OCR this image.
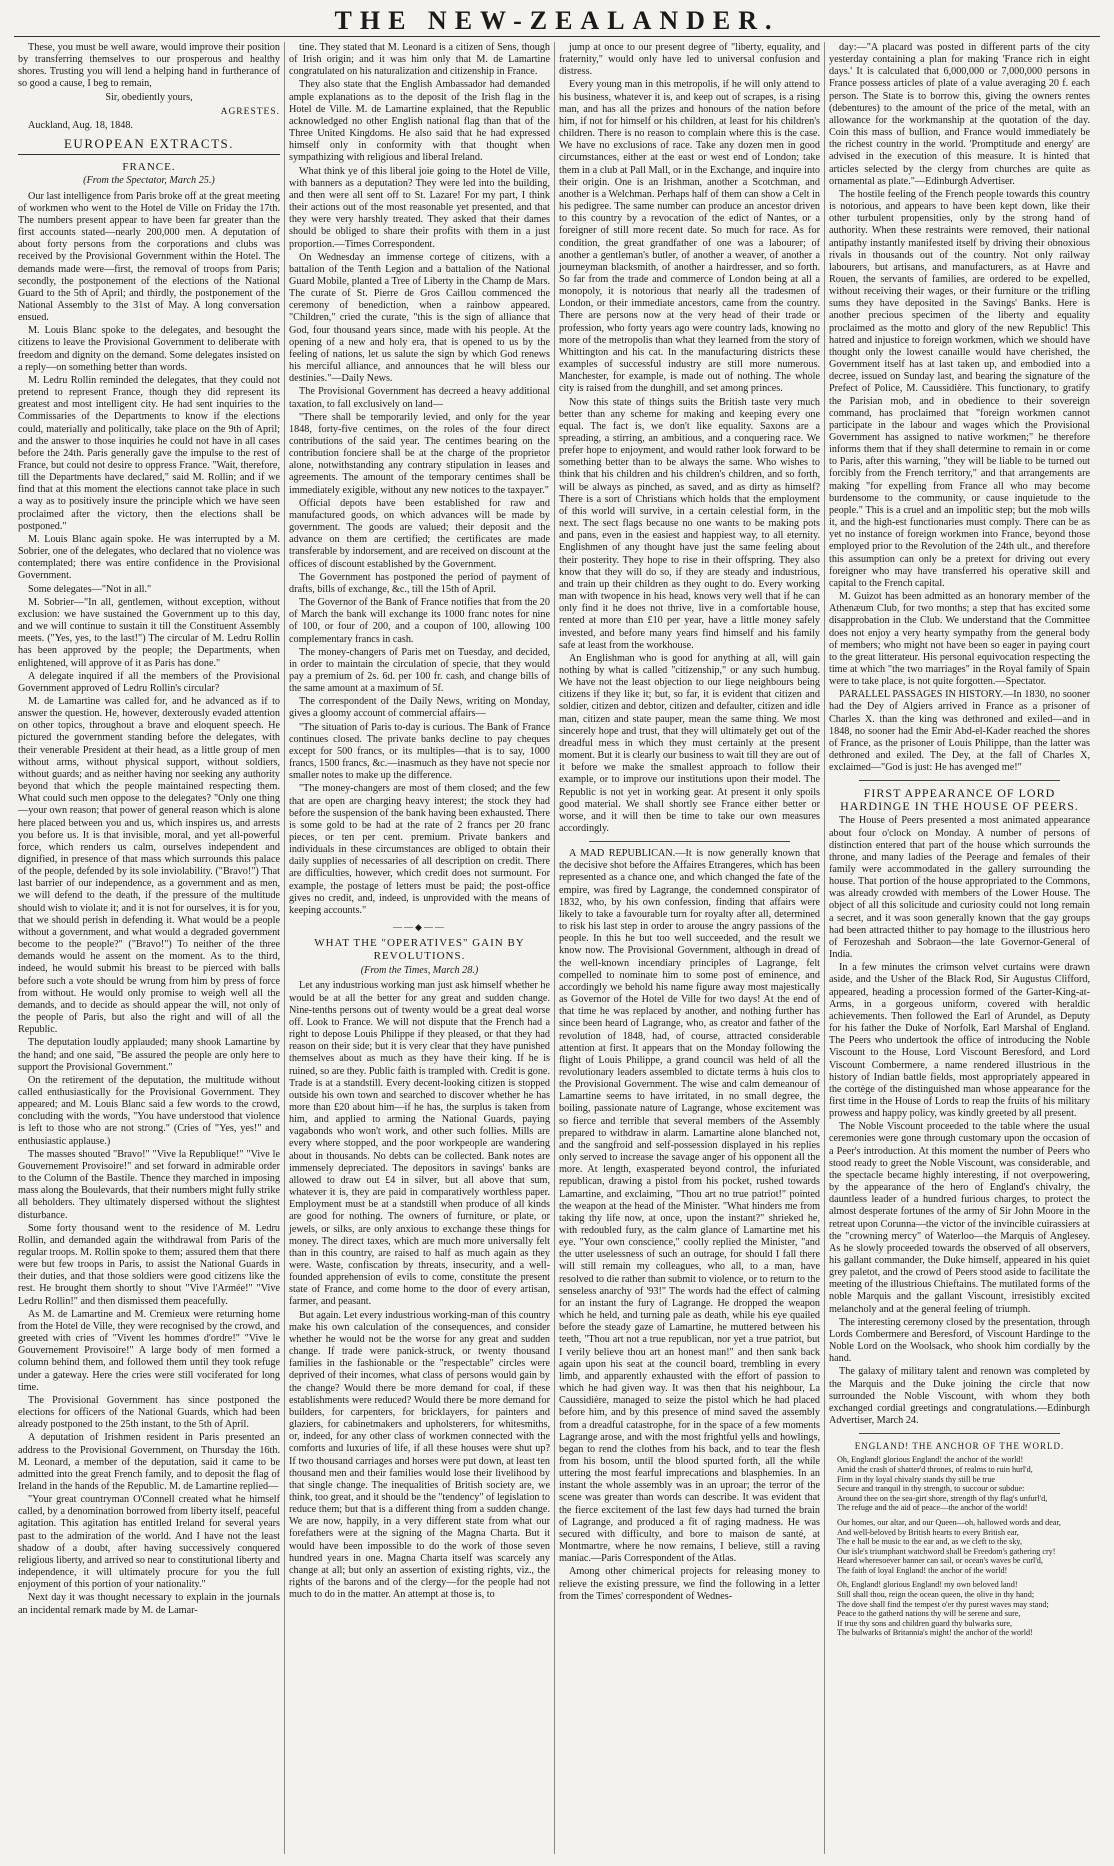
THE NEW-ZEALANDER.

These, you must be well aware, would improve their position by transferring themselves to our prosperous and healthy shores. Trusting you will lend a helping hand in furtherance of so good a cause, I beg to remain,

Sir, obediently yours,

AGRESTES.

Auckland, Aug. 18, 1848.

EUROPEAN EXTRACTS.
FRANCE.
(From the Spectator, March 25.)

Our last intelligence from Paris broke off at the great meeting of workmen who went to the Hotel de Ville on Friday the 17th. The numbers present appear to have been far greater than the first accounts stated—nearly 200,000 men. A deputation of about forty persons from the corporations and clubs was received by the Provisional Government within the Hotel. The demands made were—first, the removal of troops from Paris; secondly, the postponement of the elections of the National Guard to the 5th of April; and thirdly, the postponement of the National Assembly to the 31st of May. A long conversation ensued.

M. Louis Blanc spoke to the delegates, and besought the citizens to leave the Provisional Government to deliberate with freedom and dignity on the demand. Some delegates insisted on a reply—on something better than words.

M. Ledru Rollin reminded the delegates, that they could not pretend to represent France, though they did represent its greatest and most intelligent city. He had sent inquiries to the Commissaries of the Departments to know if the elections could, materially and politically, take place on the 9th of April; and the answer to those inquiries he could not have in all cases before the 24th. Paris generally gave the impulse to the rest of France, but could not desire to oppress France. "Wait, therefore, till the Departments have declared," said M. Rollin; and if we find that at this moment the elections cannot take place in such a way as to positively insure the principle which we have seen proclaimed after the victory, then the elections shall be postponed."

M. Louis Blanc again spoke. He was interrupted by a M. Sobrier, one of the delegates, who declared that no violence was contemplated; there was entire confidence in the Provisional Government.

Some delegates—"Not in all."

M. Sobrier—"In all, gentlemen, without exception, without exclusion: we have sustained the Government up to this day, and we will continue to sustain it till the Constituent Assembly meets. ("Yes, yes, to the last!") The circular of M. Ledru Rollin has been approved by the people; the Departments, when enlightened, will approve of it as Paris has done."

A delegate inquired if all the members of the Provisional Government approved of Ledru Rollin's circular?

M. de Lamartine was called for, and he advanced as if to answer the question. He, however, dexterously evaded attention on other topics, throughout a brave and eloquent speech. He pictured the government standing before the delegates, with their venerable President at their head, as a little group of men without arms, without physical support, without soldiers, without guards; and as neither having nor seeking any authority beyond that which the people maintained respecting them. What could such men oppose to the delegates? "Only one thing—your own reason; that power of general reason which is alone here placed between you and us, which inspires us, and arrests you before us. It is that invisible, moral, and yet all-powerful force, which renders us calm, ourselves independent and dignified, in presence of that mass which surrounds this palace of the people, defended by its sole inviolability. ("Bravo!") That last barrier of our independence, as a government and as men, we will defend to the death, if the pressure of the multitude should wish to violate it; and it is not for ourselves, it is for you, that we should perish in defending it. What would be a people without a government, and what would a degraded government become to the people?" ("Bravo!") To neither of the three demands would he assent on the moment. As to the third, indeed, he would submit his breast to be pierced with balls before such a vote should be wrung from him by press of force from without. He would only promise to weigh well all the demands, and to decide as should appear the will, not only of the people of Paris, but also the right and will of all the Republic.

The deputation loudly applauded; many shook Lamartine by the hand; and one said, "Be assured the people are only here to support the Provisional Government."

On the retirement of the deputation, the multitude without called enthusiastically for the Provisional Government. They appeared; and M. Louis Blanc said a few words to the crowd, concluding with the words, "You have understood that violence is left to those who are not strong." (Cries of "Yes, yes!" and enthusiastic applause.)

The masses shouted "Bravo!" "Vive la Republique!" "Vive le Gouvernement Provisoire!" and set forward in admirable order to the Column of the Bastile. Thence they marched in imposing mass along the Boulevards, that their numbers might fully strike all beholders. They ultimately dispersed without the slightest disturbance.

Some forty thousand went to the residence of M. Ledru Rollin, and demanded again the withdrawal from Paris of the regular troops. M. Rollin spoke to them; assured them that there were but few troops in Paris, to assist the National Guards in their duties, and that those soldiers were good citizens like the rest. He brought them shortly to shout "Vive l'Armée!" "Vive Ledru Rollin!" and then dismissed them peacefully.

As M. de Lamartine and M. Cremieux were returning home from the Hotel de Ville, they were recognised by the crowd, and greeted with cries of "Vivent les hommes d'ordre!" "Vive le Gouvernement Provisoire!" A large body of men formed a column behind them, and followed them until they took refuge under a gateway. Here the cries were still vociferated for long time.

The Provisional Government has since postponed the elections for officers of the National Guards, which had been already postponed to the 25th instant, to the 5th of April.

A deputation of Irishmen resident in Paris presented an address to the Provisional Government, on Thursday the 16th. M. Leonard, a member of the deputation, said it came to be admitted into the great French family, and to deposit the flag of Ireland in the hands of the Republic. M. de Lamartine replied—

"Your great countryman O'Connell created what he himself called, by a denomination borrowed from liberty itself, peaceful agitation. This agitation has entitled Ireland for several years past to the admiration of the world. And I have not the least shadow of a doubt, after having successively conquered religious liberty, and arrived so near to constitutional liberty and independence, it will ultimately procure for you the full enjoyment of this portion of your nationality."

Next day it was thought necessary to explain in the journals an incidental remark made by M. de Lamar-

tine. They stated that M. Leonard is a citizen of Sens, though of Irish origin; and it was him only that M. de Lamartine congratulated on his naturalization and citizenship in France.

They also state that the English Ambassador had demanded ample explanations as to the deposit of the Irish flag in the Hotel de Ville. M. de Lamartine explained, that the Republic acknowledged no other English national flag than that of the Three United Kingdoms. He also said that he had expressed himself only in conformity with that thought when sympathizing with religious and liberal Ireland.

What think ye of this liberal joie going to the Hotel de Ville, with banners as a deputation? They were led into the building, and then were all sent off to St. Lazare! For my part, I think their actions out of the most reasonable yet presented, and that they were very harshly treated. They asked that their dames should be obliged to share their profits with them in a just proportion.—Times Correspondent.

On Wednesday an immense cortege of citizens, with a battalion of the Tenth Legion and a battalion of the National Guard Mobile, planted a Tree of Liberty in the Champ de Mars. The curate of St. Pierre de Gros Caillou commenced the ceremony of benediction, when a rainbow appeared. "Children," cried the curate, "this is the sign of alliance that God, four thousand years since, made with his people. At the opening of a new and holy era, that is opened to us by the feeling of nations, let us salute the sign by which God renews his merciful alliance, and announces that he will bless our destinies."—Daily News.

The Provisional Government has decreed a heavy additional taxation, to fall exclusively on land—

"There shall be temporarily levied, and only for the year 1848, forty-five centimes, on the roles of the four direct contributions of the said year. The centimes bearing on the contribution fonciere shall be at the charge of the proprietor alone, notwithstanding any contrary stipulation in leases and agreements. The amount of the temporary centimes shall be immediately exigible, without any new notices to the taxpayer."

Official depots have been established for raw and manufactured goods, on which advances will be made by government. The goods are valued; their deposit and the advance on them are certified; the certificates are made transferable by indorsement, and are received on discount at the offices of discount established by the Government.

The Government has postponed the period of payment of drafts, bills of exchange, &c., till the 15th of April.

The Governor of the Bank of France notifies that from the 20 of March the bank will exchange its 1000 franc notes for nine of 100, or four of 200, and a coupon of 100, allowing 100 complementary francs in cash.

The money-changers of Paris met on Tuesday, and decided, in order to maintain the circulation of specie, that they would pay a premium of 2s. 6d. per 100 fr. cash, and change bills of the same amount at a maximum of 5f.

The correspondent of the Daily News, writing on Monday, gives a gloomy account of commercial affairs—

"The situation of Paris to-day is curious. The Bank of France continues closed. The private banks decline to pay cheques except for 500 francs, or its multiples—that is to say, 1000 francs, 1500 francs, &c.—inasmuch as they have not specie nor smaller notes to make up the difference.

"The money-changers are most of them closed; and the few that are open are charging heavy interest; the stock they had before the suspension of the bank having been exhausted. There is some gold to be had at the rate of 2 francs per 20 franc pieces, or ten per cent. premium. Private bankers and individuals in these circumstances are obliged to obtain their daily supplies of necessaries of all description on credit. There are difficulties, however, which credit does not surmount. For example, the postage of letters must be paid; the post-office gives no credit, and, indeed, is unprovided with the means of keeping accounts."

——◆——
WHAT THE "OPERATIVES" GAIN BY REVOLUTIONS.
(From the Times, March 28.)

Let any industrious working man just ask himself whether he would be at all the better for any great and sudden change. Nine-tenths persons out of twenty would be a great deal worse off. Look to France. We will not dispute that the French had a right to depose Louis Philippe if they pleased, or that they had reason on their side; but it is very clear that they have punished themselves about as much as they have their king. If he is ruined, so are they. Public faith is trampled with. Credit is gone. Trade is at a standstill. Every decent-looking citizen is stopped outside his own town and searched to discover whether he has more than £20 about him—if he has, the surplus is taken from him, and applied to arming the National Guards, paying vagabonds who won't work, and other such follies. Mills are every where stopped, and the poor workpeople are wandering about in thousands. No debts can be collected. Bank notes are immensely depreciated. The depositors in savings' banks are allowed to draw out £4 in silver, but all above that sum, whatever it is, they are paid in comparatively worthless paper. Employment must be at a standstill when produce of all kinds are good for nothing. The owners of furniture, or plate, or jewels, or silks, are only anxious to exchange these things for money. The direct taxes, which are much more universally felt than in this country, are raised to half as much again as they were. Waste, confiscation by threats, insecurity, and a well-founded apprehension of evils to come, constitute the present state of France, and come home to the door of every artisan, farmer, and peasant.

But again. Let every industrious working-man of this country make his own calculation of the consequences, and consider whether he would not be the worse for any great and sudden change. If trade were panick-struck, or twenty thousand families in the fashionable or the "respectable" circles were deprived of their incomes, what class of persons would gain by the change? Would there be more demand for coal, if these establishments were reduced? Would there be more demand for builders, for carpenters, for bricklayers, for painters and glaziers, for cabinetmakers and upholsterers, for whitesmiths, or, indeed, for any other class of workmen connected with the comforts and luxuries of life, if all these houses were shut up? If two thousand carriages and horses were put down, at least ten thousand men and their families would lose their livelihood by that single change. The inequalities of British society are, we think, too great, and it should be the "tendency" of legislation to reduce them; but that is a different thing from a sudden change. We are now, happily, in a very different state from what our forefathers were at the signing of the Magna Charta. But it would have been impossible to do the work of those seven hundred years in one. Magna Charta itself was scarcely any change at all; but only an assertion of existing rights, viz., the rights of the barons and of the clergy—for the people had not much to do in the matter. An attempt at those is, to

jump at once to our present degree of "liberty, equality, and fraternity," would only have led to universal confusion and distress.

Every young man in this metropolis, if he will only attend to his business, whatever it is, and keep out of scrapes, is a rising man, and has all the prizes and honours of the nation before him, if not for himself or his children, at least for his children's children. There is no reason to complain where this is the case. We have no exclusions of race. Take any dozen men in good circumstances, either at the east or west end of London; take them in a club at Pall Mall, or in the Exchange, and inquire into their origin. One is an Irishman, another a Scotchman, and another is a Welchman. Perhaps half of them can show a Celt in his pedigree. The same number can produce an ancestor driven to this country by a revocation of the edict of Nantes, or a foreigner of still more recent date. So much for race. As for condition, the great grandfather of one was a labourer; of another a gentleman's butler, of another a weaver, of another a journeyman blacksmith, of another a hairdresser, and so forth. So far from the trade and commerce of London being at all a monopoly, it is notorious that nearly all the tradesmen of London, or their immediate ancestors, came from the country. There are persons now at the very head of their trade or profession, who forty years ago were country lads, knowing no more of the metropolis than what they learned from the story of Whittington and his cat. In the manufacturing districts these examples of successful industry are still more numerous. Manchester, for example, is made out of nothing. The whole city is raised from the dunghill, and set among princes.

Now this state of things suits the British taste very much better than any scheme for making and keeping every one equal. The fact is, we don't like equality. Saxons are a spreading, a stirring, an ambitious, and a conquering race. We prefer hope to enjoyment, and would rather look forward to be something better than to be always the same. Who wishes to think that his children and his children's children, and so forth, will be always as pinched, as saved, and as dirty as himself? There is a sort of Christians which holds that the employment of this world will survive, in a certain celestial form, in the next. The sect flags because no one wants to be making pots and pans, even in the easiest and happiest way, to all eternity. Englishmen of any thought have just the same feeling about their posterity. They hope to rise in their offspring. They also know that they will do so, if they are steady and industrious, and train up their children as they ought to do. Every working man with twopence in his head, knows very well that if he can only find it he does not thrive, live in a comfortable house, rented at more than £10 per year, have a little money safely invested, and before many years find himself and his family safe at least from the workhouse.

An Englishman who is good for anything at all, will gain nothing by what is called "citizenship," or any such humbug. We have not the least objection to our liege neighbours being citizens if they like it; but, so far, it is evident that citizen and soldier, citizen and debtor, citizen and defaulter, citizen and idle man, citizen and state pauper, mean the same thing. We most sincerely hope and trust, that they will ultimately get out of the dreadful mess in which they must certainly at the present moment. But it is clearly our business to wait till they are out of it before we make the smallest approach to follow their example, or to improve our institutions upon their model. The Republic is not yet in working gear. At present it only spoils good material. We shall shortly see France either better or worse, and it will then be time to take our own measures accordingly.

A MAD REPUBLICAN.—It is now generally known that the decisive shot before the Affaires Etrangeres, which has been represented as a chance one, and which changed the fate of the empire, was fired by Lagrange, the condemned conspirator of 1832, who, by his own confession, finding that affairs were likely to take a favourable turn for royalty after all, determined to risk his last step in order to arouse the angry passions of the people. In this he but too well succeeded, and the result we know now. The Provisional Government, although in dread of the well-known incendiary principles of Lagrange, felt compelled to nominate him to some post of eminence, and accordingly we behold his name figure away most majestically as Governor of the Hotel de Ville for two days! At the end of that time he was replaced by another, and nothing further has since been heard of Lagrange, who, as creator and father of the revolution of 1848, had, of course, attracted considerable attention at first. It appears that on the Monday following the flight of Louis Philippe, a grand council was held of all the revolutionary leaders assembled to dictate terms à huis clos to the Provisional Government. The wise and calm demeanour of Lamartine seems to have irritated, in no small degree, the boiling, passionate nature of Lagrange, whose excitement was so fierce and terrible that several members of the Assembly prepared to withdraw in alarm. Lamartine alone blanched not, and the sangfroid and self-possession displayed in his replies only served to increase the savage anger of his opponent all the more. At length, exasperated beyond control, the infuriated republican, drawing a pistol from his pocket, rushed towards Lamartine, and exclaiming, "Thou art no true patriot!" pointed the weapon at the head of the Minister. "What hinders me from taking thy life now, at once, upon the instant?" shrieked he, with redoubled fury, as the calm glance of Lamartine met his eye. "Your own conscience," coolly replied the Minister, "and the utter uselessness of such an outrage, for should I fall there will still remain my colleagues, who all, to a man, have resolved to die rather than submit to violence, or to return to the senseless anarchy of '93!" The words had the effect of calming for an instant the fury of Lagrange. He dropped the weapon which he held, and turning pale as death, while his eye quailed before the steady gaze of Lamartine, he muttered between his teeth, "Thou art not a true republican, nor yet a true patriot, but I verily believe thou art an honest man!" and then sank back again upon his seat at the council board, trembling in every limb, and apparently exhausted with the effort of passion to which he had given way. It was then that his neighbour, La Caussidière, managed to seize the pistol which he had placed before him, and by this presence of mind saved the assembly from a dreadful catastrophe, for in the space of a few moments Lagrange arose, and with the most frightful yells and howlings, began to rend the clothes from his back, and to tear the flesh from his bosom, until the blood spurted forth, all the while uttering the most fearful imprecations and blasphemies. In an instant the whole assembly was in an uproar; the terror of the scene was greater than words can describe. It was evident that the fierce excitement of the last few days had turned the brain of Lagrange, and produced a fit of raging madness. He was secured with difficulty, and bore to maison de santé, at Montmartre, where he now remains, I believe, still a raving maniac.—Paris Correspondent of the Atlas.

Among other chimerical projects for releasing money to relieve the existing pressure, we find the following in a letter from the Times' correspondent of Wednes-

day:—"A placard was posted in different parts of the city yesterday containing a plan for making 'France rich in eight days.' It is calculated that 6,000,000 or 7,000,000 persons in France possess articles of plate of a value averaging 20 f. each person. The State is to borrow this, giving the owners rentes (debentures) to the amount of the price of the metal, with an allowance for the workmanship at the quotation of the day. Coin this mass of bullion, and France would immediately be the richest country in the world. 'Promptitude and energy' are advised in the execution of this measure. It is hinted that articles selected by the clergy from churches are quite as ornamental as plate."—Edinburgh Advertiser.

The hostile feeling of the French people towards this country is notorious, and appears to have been kept down, like their other turbulent propensities, only by the strong hand of authority. When these restraints were removed, their national antipathy instantly manifested itself by driving their obnoxious rivals in thousands out of the country. Not only railway labourers, but artisans, and manufacturers, as at Havre and Rouen, the servants of families, are ordered to be expelled, without receiving their wages, or their furniture or the trifling sums they have deposited in the Savings' Banks. Here is another precious specimen of the liberty and equality proclaimed as the motto and glory of the new Republic! This hatred and injustice to foreign workmen, which we should have thought only the lowest canaille would have cherished, the Government itself has at last taken up, and embodied into a decree, issued on Sunday last, and bearing the signature of the Prefect of Police, M. Caussidière. This functionary, to gratify the Parisian mob, and in obedience to their sovereign command, has proclaimed that "foreign workmen cannot participate in the labour and wages which the Provisional Government has assigned to native workmen;" he therefore informs them that if they shall determine to remain in or come to Paris, after this warning, "they will be liable to be turned out forcibly from the French territory," and that arrangements are making "for expelling from France all who may become burdensome to the community, or cause inquietude to the people." This is a cruel and an impolitic step; but the mob wills it, and the high-est functionaries must comply. There can be as yet no instance of foreign workmen into France, beyond those employed prior to the Revolution of the 24th ult., and therefore this assumption can only be a pretext for driving out every foreigner who may have transferred his operative skill and capital to the French capital.

M. Guizot has been admitted as an honorary member of the Athenæum Club, for two months; a step that has excited some disapprobation in the Club. We understand that the Committee does not enjoy a very hearty sympathy from the general body of members; who might not have been so eager in paying court to the great litterateur. His personal equivocation respecting the time at which "the two marriages" in the Royal family of Spain were to take place, is not quite forgotten.—Spectator.

PARALLEL PASSAGES IN HISTORY.—In 1830, no sooner had the Dey of Algiers arrived in France as a prisoner of Charles X. than the king was dethroned and exiled—and in 1848, no sooner had the Emir Abd-el-Kader reached the shores of France, as the prisoner of Louis Philippe, than the latter was dethroned and exiled. The Dey, at the fall of Charles X, exclaimed—"God is just: He has avenged me!"

FIRST APPEARANCE OF LORD HARDINGE IN THE HOUSE OF PEERS.

The House of Peers presented a most animated appearance about four o'clock on Monday. A number of persons of distinction entered that part of the house which surrounds the throne, and many ladies of the Peerage and females of their family were accommodated in the gallery surrounding the house. That portion of the house appropriated to the Commons, was already crowded with members of the Lower House. The object of all this solicitude and curiosity could not long remain a secret, and it was soon generally known that the gay groups had been attracted thither to pay homage to the illustrious hero of Ferozeshah and Sobraon—the late Governor-General of India.

In a few minutes the crimson velvet curtains were drawn aside, and the Usher of the Black Rod, Sir Augustus Clifford, appeared, heading a procession formed of the Garter-King-at-Arms, in a gorgeous uniform, covered with heraldic achievements. Then followed the Earl of Arundel, as Deputy for his father the Duke of Norfolk, Earl Marshal of England. The Peers who undertook the office of introducing the Noble Viscount to the House, Lord Viscount Beresford, and Lord Viscount Combermere, a name rendered illustrious in the history of Indian battle fields, most appropriately appeared in the cortège of the distinguished man whose appearance for the first time in the House of Lords to reap the fruits of his military prowess and happy policy, was kindly greeted by all present.

The Noble Viscount proceeded to the table where the usual ceremonies were gone through customary upon the occasion of a Peer's introduction. At this moment the number of Peers who stood ready to greet the Noble Viscount, was considerable, and the spectacle became highly interesting, if not overpowering, by the appearance of the hero of England's chivalry, the dauntless leader of a hundred furious charges, to protect the almost desperate fortunes of the army of Sir John Moore in the retreat upon Corunna—the victor of the invincible cuirassiers at the "crowning mercy" of Waterloo—the Marquis of Anglesey. As he slowly proceeded towards the observed of all observers, his gallant commander, the Duke himself, appeared in his quiet grey paletot, and the crowd of Peers stood aside to facilitate the meeting of the illustrious Chieftains. The mutilated forms of the noble Marquis and the gallant Viscount, irresistibly excited melancholy and at the general feeling of triumph.

The interesting ceremony closed by the presentation, through Lords Combermere and Beresford, of Viscount Hardinge to the Noble Lord on the Woolsack, who shook him cordially by the hand.

The galaxy of military talent and renown was completed by the Marquis and the Duke joining the circle that now surrounded the Noble Viscount, with whom they both exchanged cordial greetings and congratulations.—Edinburgh Advertiser, March 24.

ENGLAND! THE ANCHOR OF THE WORLD.
Oh, England! glorious England! the anchor of the world!
Amid the crash of shatter'd thrones, of realms to ruin hurl'd,
Firm in thy loyal chivalry stands thy still be true
Secure and tranquil in thy strength, to succour or subdue:
Around thee on the sea-girt shore, strength of thy flag's unfurl'd,
The refuge and the aid of peace—the anchor of the world!
Our homes, our altar, and our Queen—oh, hallowed words and dear,
And well-beloved by British hearts to every British ear,
The e hall be music to the ear and, as we cleft to the sky,
Our isle's triumphant watchword shall be Freedom's gathering cry!
Heard wheresoever banner can sail, or ocean's waves be curl'd,
The faith of loyal England! the anchor of the world!
Oh, England! glorious England! my own beloved land!
Still shall thou, reign the ocean queen, the olive in thy hand;
The dove shall find the tempest o'er thy purest waves may stand;
Peace to the gatherd nations thy will be serene and sure,
If true thy sons and children guard thy bulwarks sure,
The bulwarks of Britannia's might! the anchor of the world!
